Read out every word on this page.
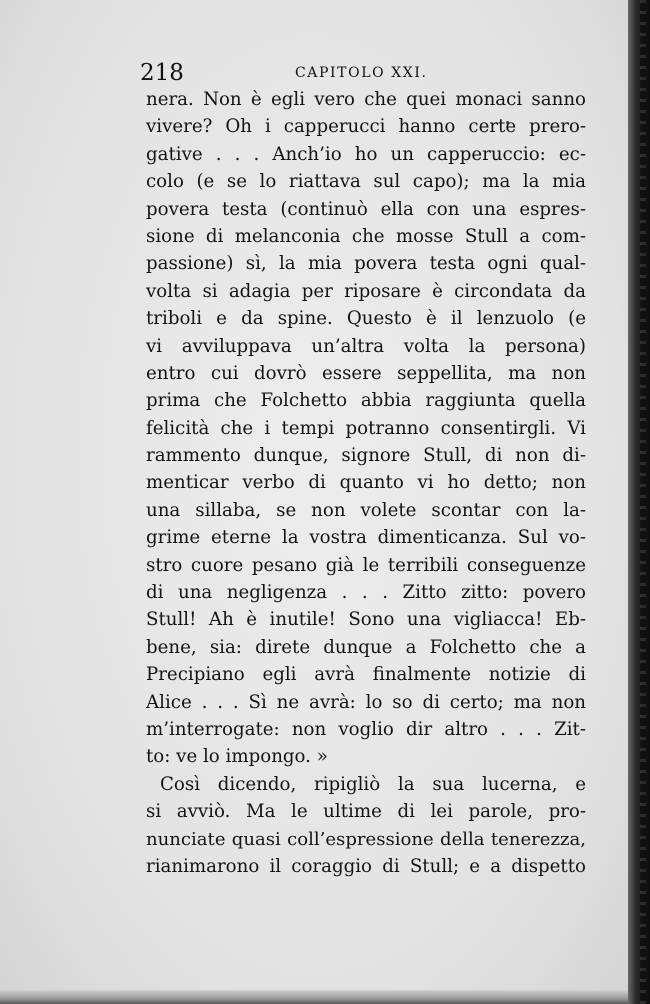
218	CAPITOLO XXI.
nera. Non è egli vero che quei monaci sanno
vivere? Oh i capperucci hanno certe prero-
gative . . . Anch’io ho un capperuccio: ec-
colo (e se lo riattava sul capo); ma la mia
povera testa (continuò ella con una espres-
sione di melanconia che mosse Stull a com-
passione) sì, la mia povera testa ogni qual-
volta si adagia per riposare è circondata da
triboli e da spine. Questo è il lenzuolo (e
vi avviluppava un’altra volta la persona)
entro cui dovrò essere seppellita, ma non
prima che Folchetto abbia raggiunta quella
felicità che i tempi potranno consentirgli. Vi
rammento dunque, signore Stull, di non di-
menticar verbo di quanto vi ho detto; non
una sillaba, se non volete scontar con la-
grime eterne la vostra dimenticanza. Sul vo-
stro cuore pesano già le terribili conseguenze
di una negligenza . . . Zitto zitto: povero
Stull! Ah è inutile! Sono una vigliacca! Eb-
bene, sia: direte dunque a Folchetto che a
Precipiano egli avrà finalmente notizie di
Alice . . . Sì ne avrà: lo so di certo; ma non
m’interrogate: non voglio dir altro . . . Zit-
to: ve lo impongo. »
Così dicendo, ripigliò la sua lucerna, e
si avviò. Ma le ultime di lei parole, pro-
nunciate quasi coll’espressione della tenerezza,
rianimarono il coraggio di Stull; e a dispetto
